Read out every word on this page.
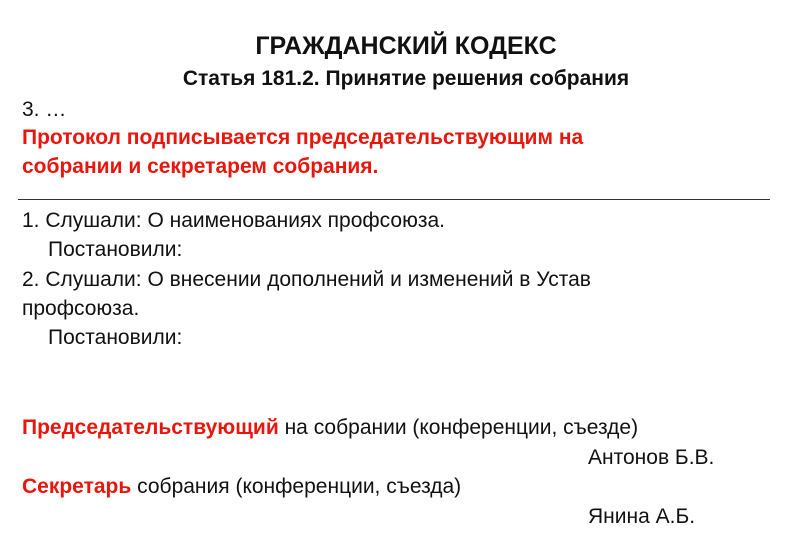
ГРАЖДАНСКИЙ КОДЕКС
Статья 181.2. Принятие решения собрания
3. …
Протокол подписывается председательствующим на
собрании и секретарем собрания.
1. Слушали: О наименованиях профсоюза.
Постановили:
2. Слушали: О внесении дополнений и изменений в Устав
профсоюза.
Постановили:
Председательствующий на собрании (конференции, съезде)
Антонов Б.В.
Секретарь собрания (конференции, съезда)
Янина А.Б.
